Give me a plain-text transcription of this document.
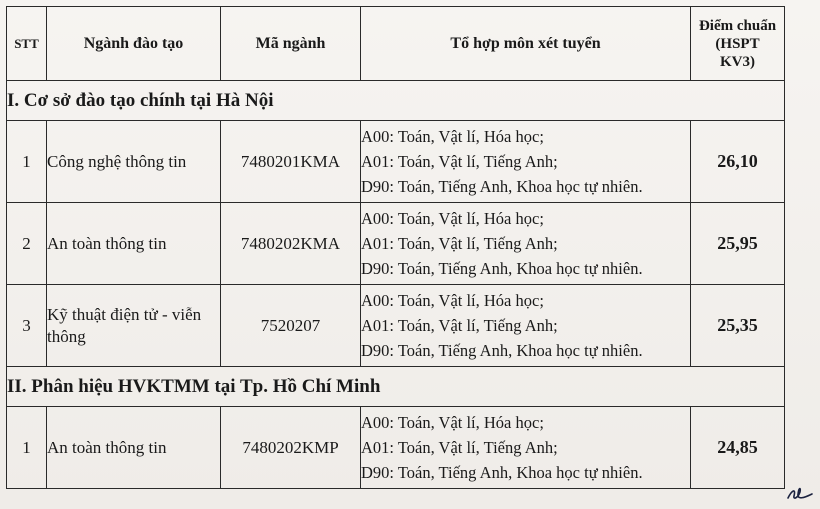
STT	Ngành đào tạo	Mã ngành	Tổ hợp môn xét tuyển	Điểm chuẩn
(HSPT
KV3)

I. Cơ sở đào tạo chính tại Hà Nội				
1	Công nghệ thông tin	7480201KMA	A00: Toán, Vật lí, Hóa học;
A01: Toán, Vật lí, Tiếng Anh;
D90: Toán, Tiếng Anh, Khoa học tự nhiên.	26,10
2	An toàn thông tin	7480202KMA	A00: Toán, Vật lí, Hóa học;
A01: Toán, Vật lí, Tiếng Anh;
D90: Toán, Tiếng Anh, Khoa học tự nhiên.	25,95
3	Kỹ thuật điện tử - viễn thông	7520207	A00: Toán, Vật lí, Hóa học;
A01: Toán, Vật lí, Tiếng Anh;
D90: Toán, Tiếng Anh, Khoa học tự nhiên.	25,35
II. Phân hiệu HVKTMM tại Tp. Hồ Chí Minh				
1	An toàn thông tin	7480202KMP	A00: Toán, Vật lí, Hóa học;
A01: Toán, Vật lí, Tiếng Anh;
D90: Toán, Tiếng Anh, Khoa học tự nhiên.	24,85
